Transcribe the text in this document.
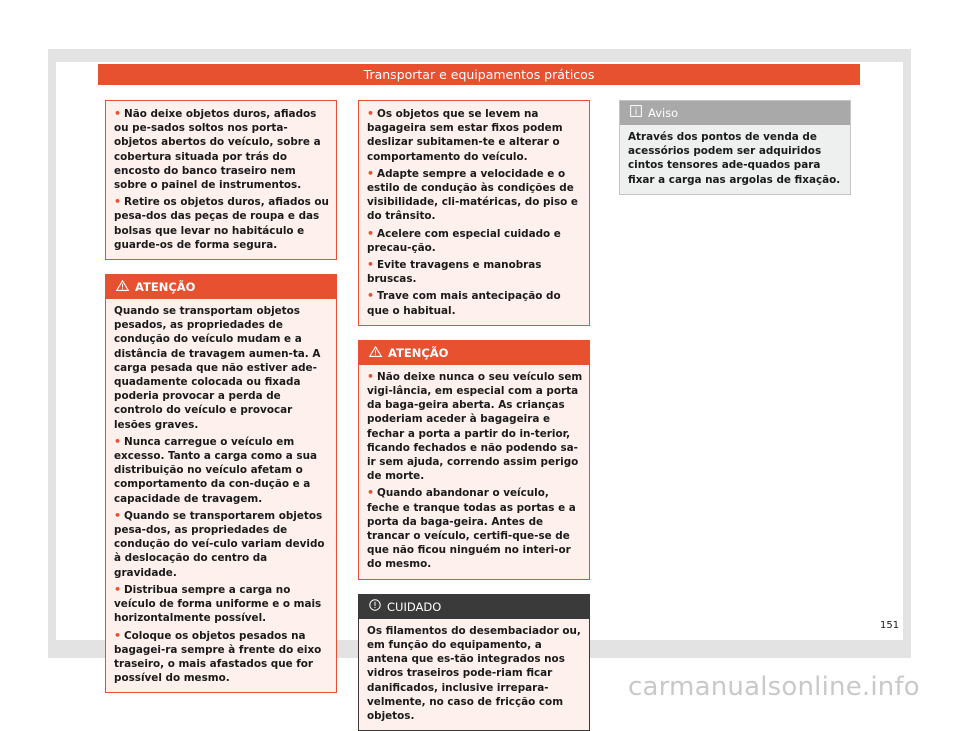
Transportar e equipamentos práticos
• Não deixe objetos duros, afiados ou pe-sados soltos nos porta-objetos abertos do veículo, sobre a cobertura situada por trás do encosto do banco traseiro nem sobre o painel de instrumentos.
• Retire os objetos duros, afiados ou pesa-dos das peças de roupa e das bolsas que levar no habitáculo e guarde-os de forma segura.
ATENÇÃO
Quando se transportam objetos pesados, as propriedades de condução do veículo mudam e a distância de travagem aumen-ta. A carga pesada que não estiver ade-quadamente colocada ou fixada poderia provocar a perda de controlo do veículo e provocar lesões graves.
• Nunca carregue o veículo em excesso. Tanto a carga como a sua distribuição no veículo afetam o comportamento da con-dução e a capacidade de travagem.
• Quando se transportarem objetos pesa-dos, as propriedades de condução do veí-culo variam devido à deslocação do centro da gravidade.
• Distribua sempre a carga no veículo de forma uniforme e o mais horizontalmente possível.
• Coloque os objetos pesados na bagagei-ra sempre à frente do eixo traseiro, o mais afastados que for possível do mesmo.
• Os objetos que se levem na bagageira sem estar fixos podem deslizar subitamen-te e alterar o comportamento do veículo.
• Adapte sempre a velocidade e o estilo de condução às condições de visibilidade, cli-matéricas, do piso e do trânsito.
• Acelere com especial cuidado e precau-ção.
• Evite travagens e manobras bruscas.
• Trave com mais antecipação do que o habitual.
ATENÇÃO
• Não deixe nunca o seu veículo sem vigi-lância, em especial com a porta da baga-geira aberta. As crianças poderiam aceder à bagageira e fechar a porta a partir do in-terior, ficando fechados e não podendo sa-ir sem ajuda, correndo assim perigo de morte.
• Quando abandonar o veículo, feche e tranque todas as portas e a porta da baga-geira. Antes de trancar o veículo, certifi-que-se de que não ficou ninguém no interi-or do mesmo.
CUIDADO
Os filamentos do desembaciador ou, em função do equipamento, a antena que es-tão integrados nos vidros traseiros pode-riam ficar danificados, inclusive irrepara-velmente, no caso de fricção com objetos.
Aviso
Através dos pontos de venda de acessórios podem ser adquiridos cintos tensores ade-quados para fixar a carga nas argolas de fixação.
151
carmanualsonline.info
